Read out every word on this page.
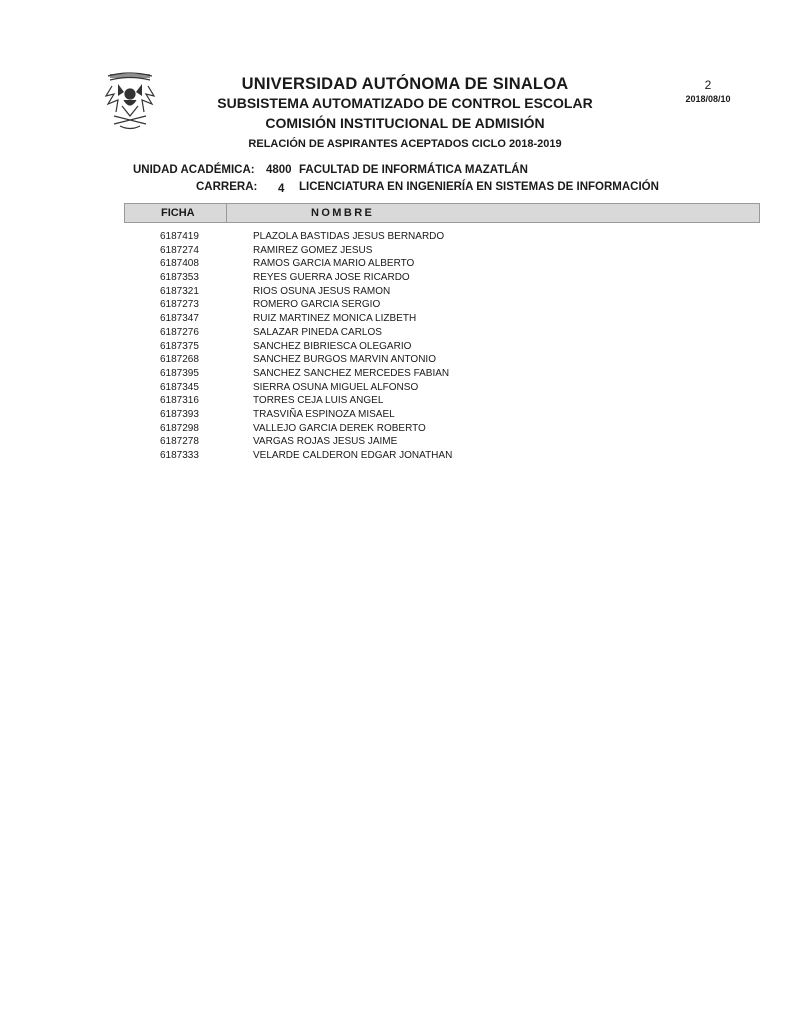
UNIVERSIDAD AUTÓNOMA DE SINALOA
SUBSISTEMA AUTOMATIZADO DE CONTROL ESCOLAR
COMISIÓN INSTITUCIONAL DE ADMISIÓN
RELACIÓN DE ASPIRANTES ACEPTADOS CICLO 2018-2019
2
2018/08/10
UNIDAD ACADÉMICA: 4800 FACULTAD DE INFORMÁTICA MAZATLÁN
CARRERA: 4 LICENCIATURA EN INGENIERÍA EN SISTEMAS DE INFORMACIÓN
FICHA	NOMBRE
6187419	PLAZOLA BASTIDAS JESUS BERNARDO
6187274	RAMIREZ GOMEZ JESUS
6187408	RAMOS GARCIA MARIO ALBERTO
6187353	REYES GUERRA JOSE RICARDO
6187321	RIOS OSUNA JESUS RAMON
6187273	ROMERO GARCIA SERGIO
6187347	RUIZ MARTINEZ MONICA LIZBETH
6187276	SALAZAR PINEDA CARLOS
6187375	SANCHEZ BIBRIESCA OLEGARIO
6187268	SANCHEZ BURGOS MARVIN ANTONIO
6187395	SANCHEZ SANCHEZ MERCEDES FABIAN
6187345	SIERRA OSUNA MIGUEL ALFONSO
6187316	TORRES CEJA LUIS ANGEL
6187393	TRASVIÑA ESPINOZA MISAEL
6187298	VALLEJO GARCIA DEREK ROBERTO
6187278	VARGAS ROJAS JESUS JAIME
6187333	VELARDE CALDERON EDGAR JONATHAN
